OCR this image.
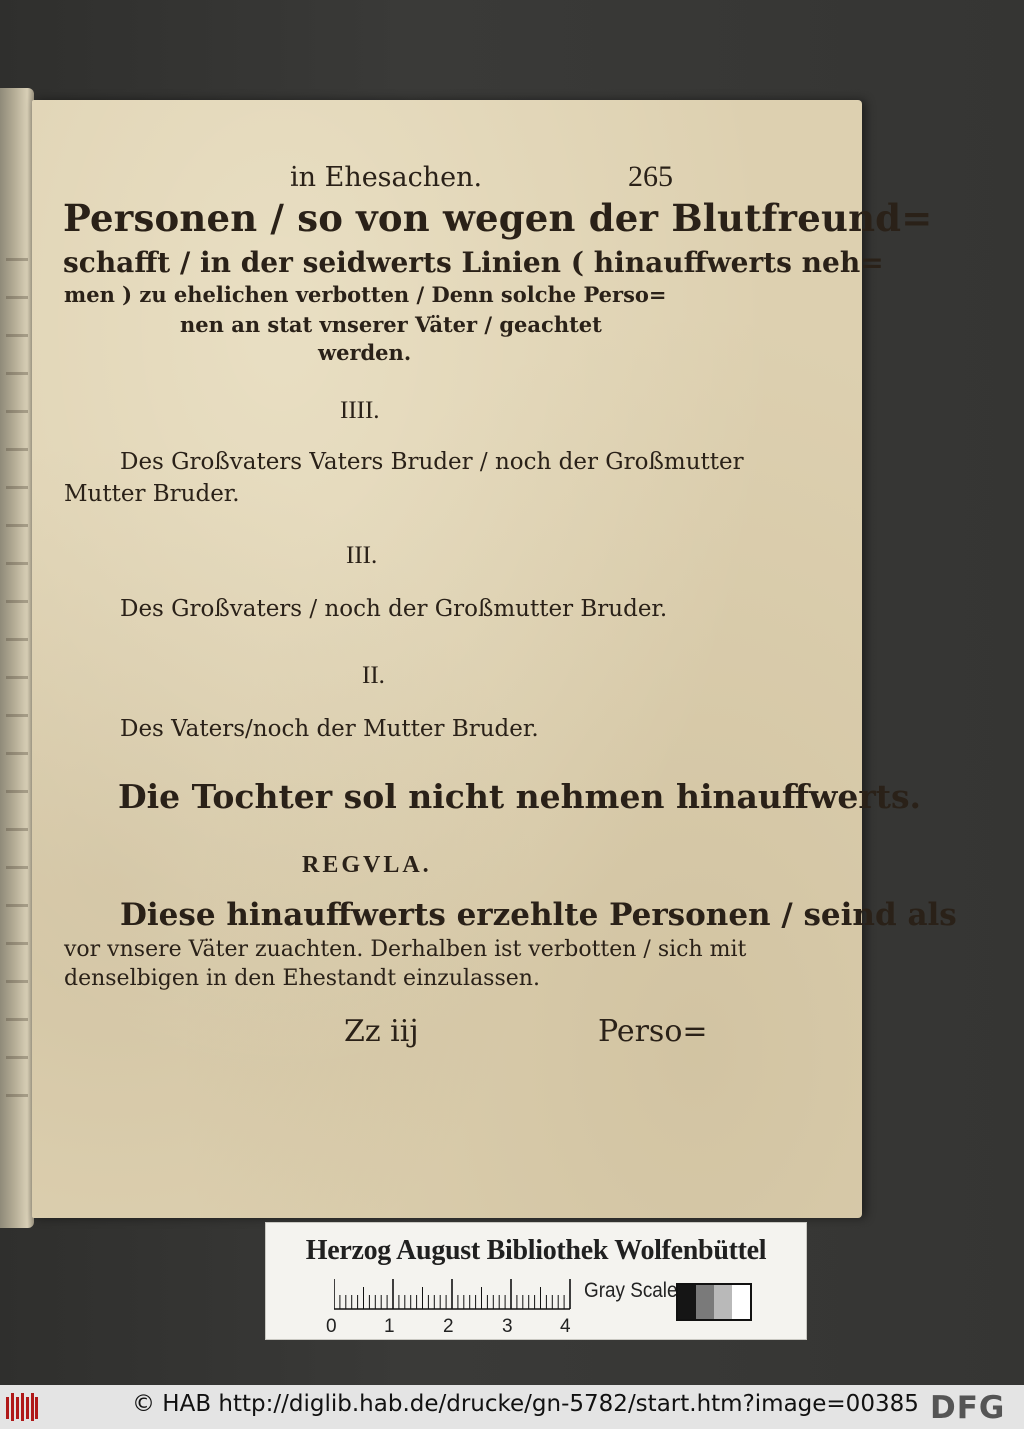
in Ehesachen.	265
Personen / so von wegen der Blutfreund=
schafft / in der seidwerts Linien ( hinauffwerts neh=
men ) zu ehelichen verbotten / Denn solche Perso=
nen an stat vnserer Väter / geachtet
werden.
IIII.
Des Großvaters Vaters Bruder / noch der Großmutter
Mutter Bruder.
III.
Des Großvaters / noch der Großmutter Bruder.
II.
Des Vaters/noch der Mutter Bruder.
Die Tochter sol nicht nehmen hinauffwerts.
REGVLA.
Diese hinauffwerts erzehlte Personen / seind als
vor vnsere Väter zuachten. Derhalben ist verbotten / sich mit
denselbigen in den Ehestandt einzulassen.
Zz iij	Perso=
Herzog August Bibliothek Wolfenbüttel
0 1	2	3 4
Gray Scale
© HAB http://diglib.hab.de/drucke/gn-5782/start.htm?image=00385 DFG
